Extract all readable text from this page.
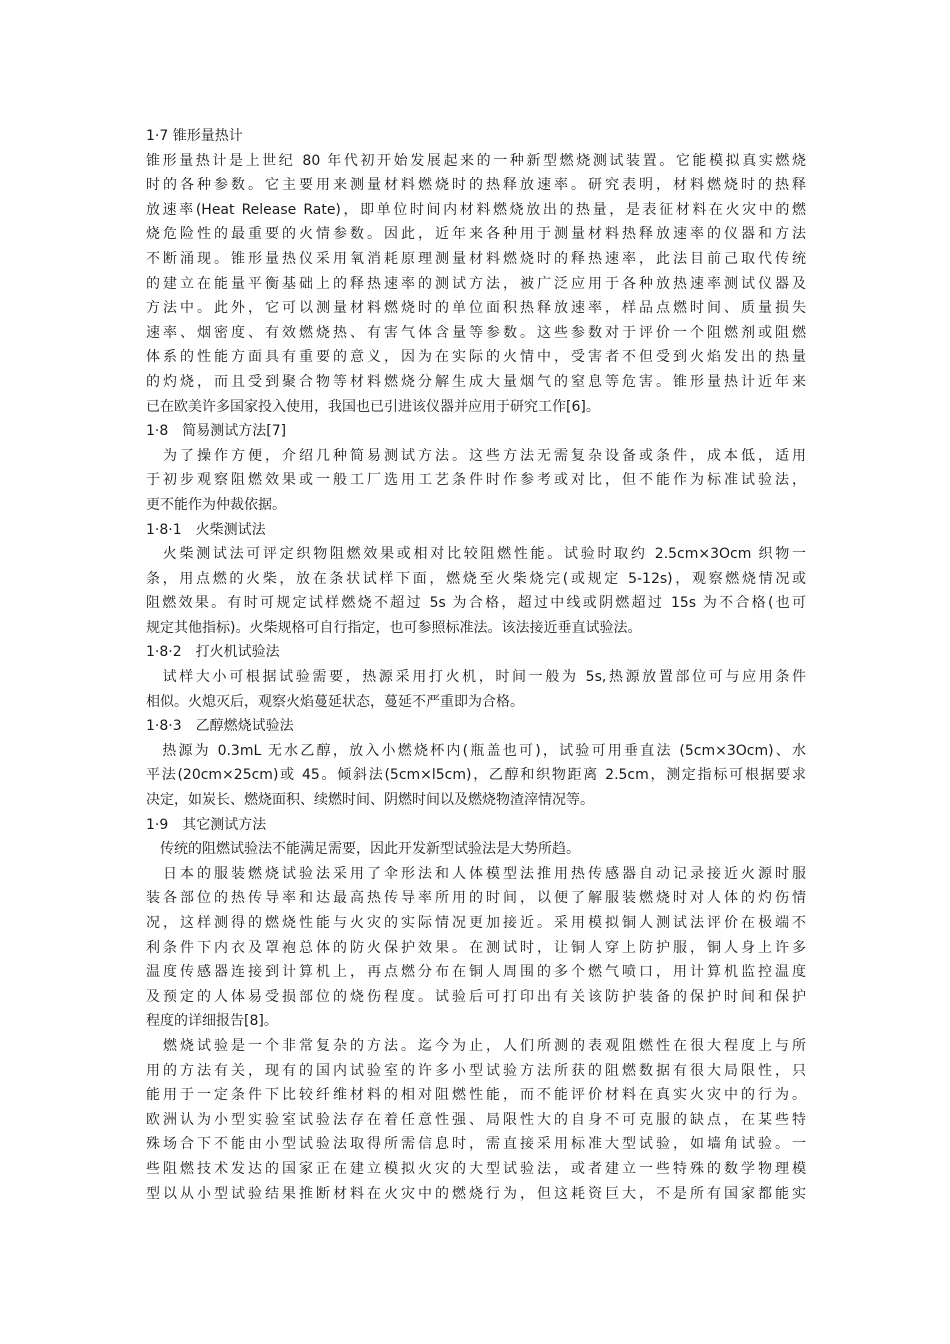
1·7 锥形量热计
锥形量热计是上世纪 80 年代初开始发展起来的一种新型燃烧测试装置。它能模拟真实燃烧
时的各种参数。它主要用来测量材料燃烧时的热释放速率。研究表明，材料燃烧时的热释
放速率(Heat Release Rate)，即单位时间内材料燃烧放出的热量，是表征材料在火灾中的燃
烧危险性的最重要的火情参数。因此，近年来各种用于测量材料热释放速率的仪器和方法
不断涌现。锥形量热仪采用氧消耗原理测量材料燃烧时的释热速率，此法目前己取代传统
的建立在能量平衡基础上的释热速率的测试方法，被广泛应用于各种放热速率测试仪器及
方法中。此外，它可以测量材料燃烧时的单位面积热释放速率，样品点燃时间、质量损失
速率、烟密度、有效燃烧热、有害气体含量等参数。这些参数对于评价一个阻燃剂或阻燃
体系的性能方面具有重要的意义，因为在实际的火情中，受害者不但受到火焰发出的热量
的灼烧，而且受到聚合物等材料燃烧分解生成大量烟气的窒息等危害。锥形量热计近年来
已在欧美许多国家投入使用，我国也已引进该仪器并应用于研究工作[6]。
1·8　简易测试方法[7]
　为了操作方便，介绍几种简易测试方法。这些方法无需复杂设备或条件，成本低，适用
于初步观察阻燃效果或一般工厂选用工艺条件时作参考或对比，但不能作为标准试验法，
更不能作为仲裁依据。
1·8·1　火柴测试法
　火柴测试法可评定织物阻燃效果或相对比较阻燃性能。试验时取约 2.5cm×3Ocm 织物一
条，用点燃的火柴，放在条状试样下面，燃烧至火柴烧完(或规定 5-12s)，观察燃烧情况或
阻燃效果。有时可规定试样燃烧不超过 5s 为合格，超过中线或阴燃超过 15s 为不合格(也可
规定其他指标)。火柴规格可自行指定，也可参照标准法。该法接近垂直试验法。
1·8·2　打火机试验法
　试样大小可根据试验需要，热源采用打火机，时间一般为 5s,热源放置部位可与应用条件
相似。火熄灭后，观察火焰蔓延状态，蔓延不严重即为合格。
1·8·3　乙醇燃烧试验法
　热源为 0.3mL 无水乙醇，放入小燃烧杯内(瓶盖也可)，试验可用垂直法 (5cm×3Ocm)、水
平法(20cm×25cm)或 45。倾斜法(5cm×l5cm)，乙醇和织物距离 2.5cm，测定指标可根据要求
决定，如炭长、燃烧面积、续燃时间、阴燃时间以及燃烧物渣滓情况等。
1·9　其它测试方法
　传统的阻燃试验法不能满足需要，因此开发新型试验法是大势所趋。
　日本的服装燃烧试验法采用了伞形法和人体模型法推用热传感器自动记录接近火源时服
装各部位的热传导率和达最高热传导率所用的时间，以便了解服装燃烧时对人体的灼伤情
况，这样测得的燃烧性能与火灾的实际情况更加接近。采用模拟铜人测试法评价在极端不
利条件下内衣及罩袍总体的防火保护效果。在测试时，让铜人穿上防护服，铜人身上许多
温度传感器连接到计算机上，再点燃分布在铜人周围的多个燃气喷口，用计算机监控温度
及预定的人体易受损部位的烧伤程度。试验后可打印出有关该防护装备的保护时间和保护
程度的详细报告[8]。
　燃烧试验是一个非常复杂的方法。迄今为止，人们所测的表观阻燃性在很大程度上与所
用的方法有关，现有的国内试验室的许多小型试验方法所获的阻燃数据有很大局限性，只
能用于一定条件下比较纤维材料的相对阻燃性能，而不能评价材料在真实火灾中的行为。
欧洲认为小型实验室试验法存在着任意性强、局限性大的自身不可克服的缺点，在某些特
殊场合下不能由小型试验法取得所需信息时，需直接采用标准大型试验，如墙角试验。一
些阻燃技术发达的国家正在建立模拟火灾的大型试验法，或者建立一些特殊的数学物理模
型以从小型试验结果推断材料在火灾中的燃烧行为，但这耗资巨大，不是所有国家都能实
